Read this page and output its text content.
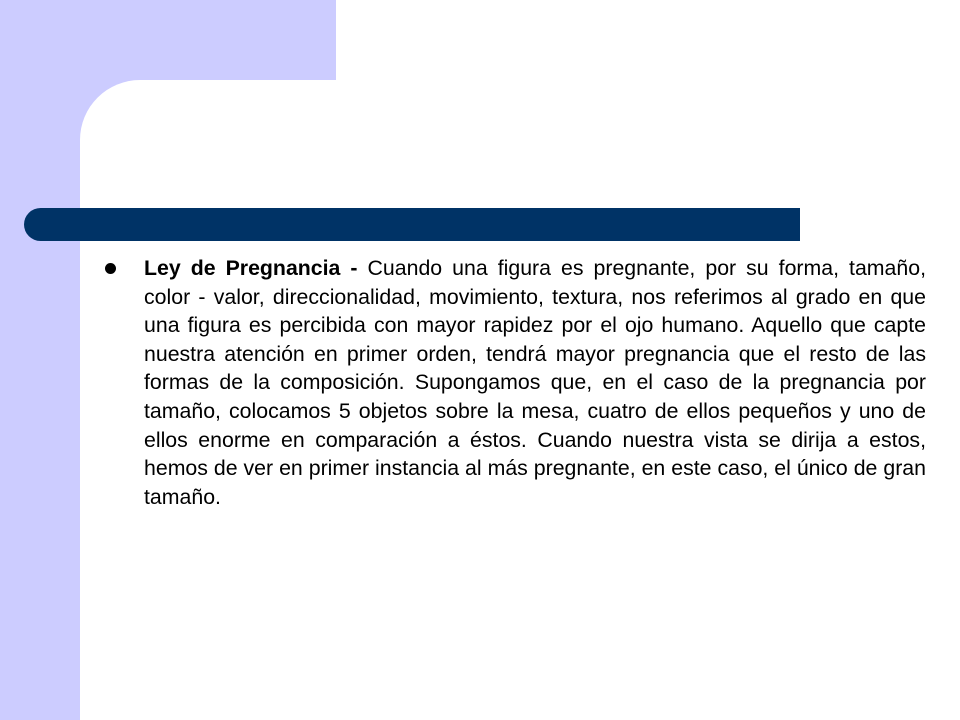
Ley de Pregnancia - Cuando una figura es pregnante, por su forma, tamaño, color - valor, direccionalidad, movimiento, textura, nos referimos al grado en que una figura es percibida con mayor rapidez por el ojo humano. Aquello que capte nuestra atención en primer orden, tendrá mayor pregnancia que el resto de las formas de la composición. Supongamos que, en el caso de la pregnancia por tamaño, colocamos 5 objetos sobre la mesa, cuatro de ellos pequeños y uno de ellos enorme en comparación a éstos. Cuando nuestra vista se dirija a estos, hemos de ver en primer instancia al más pregnante, en este caso, el único de gran tamaño.
